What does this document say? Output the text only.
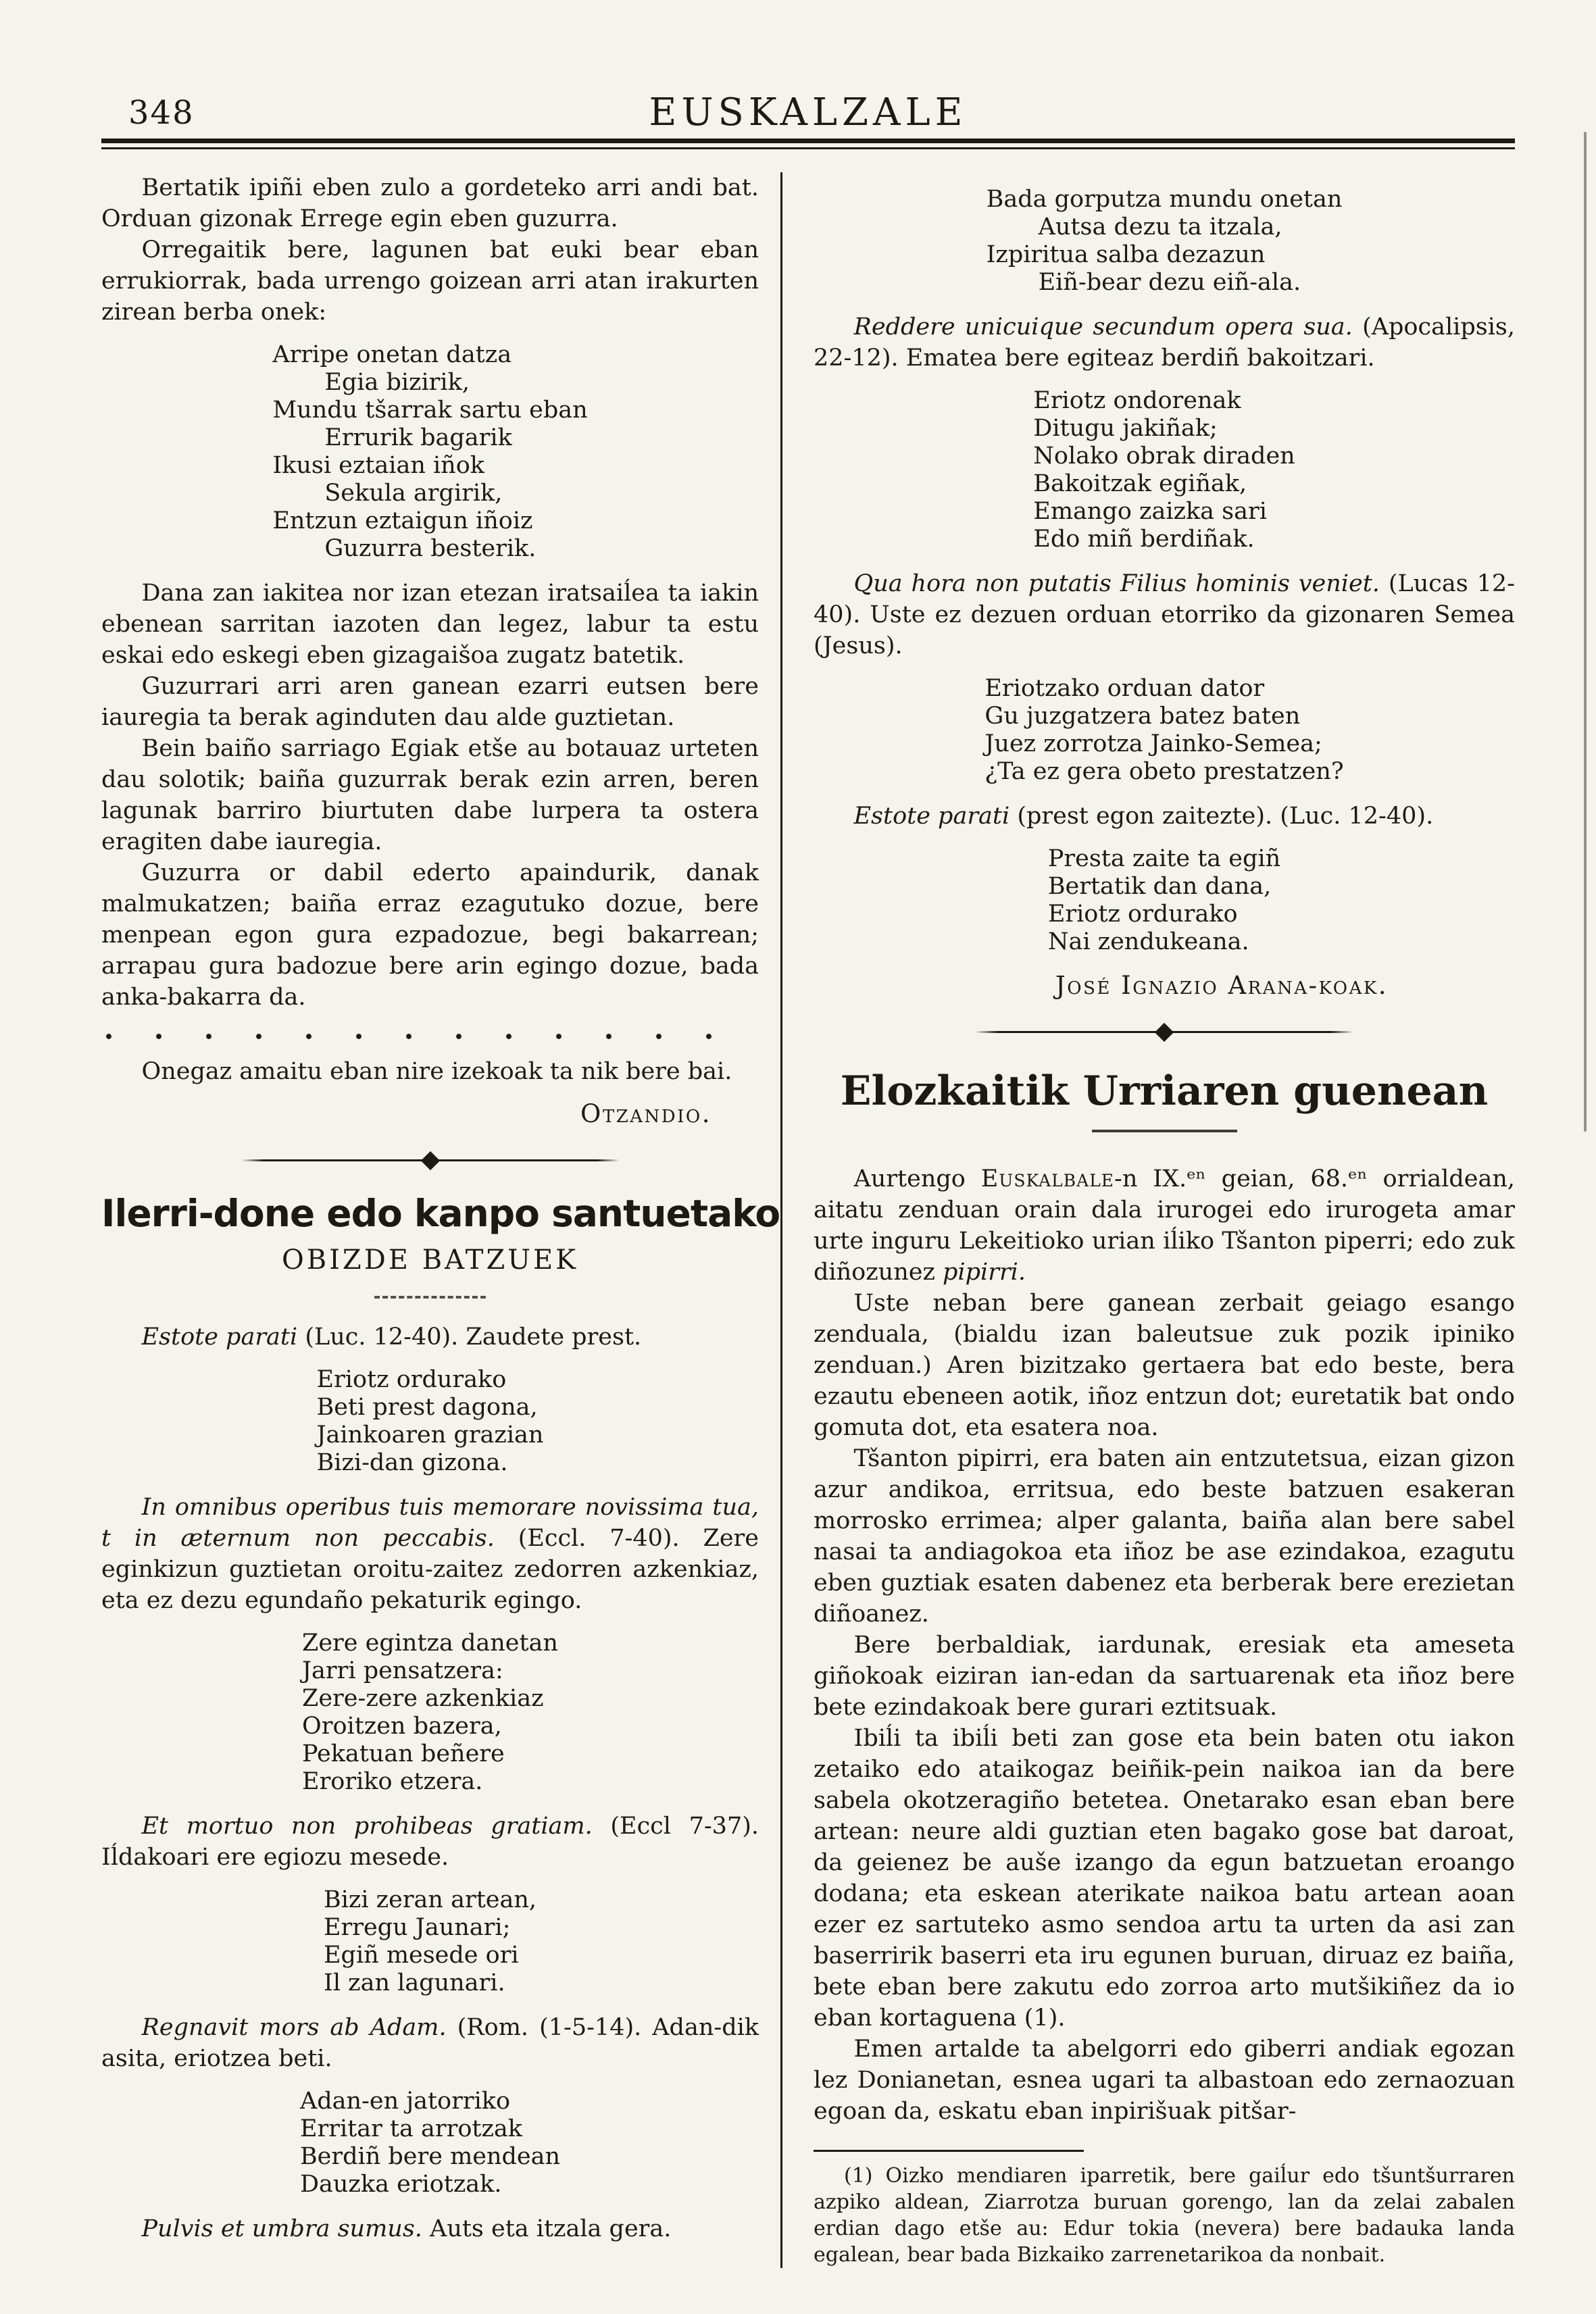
348	EUSKALZALE

Bertatik ipiñi eben zulo a gordeteko arri andi bat. Orduan gizonak Errege egin eben guzurra.

Orregaitik bere, lagunen bat euki bear eban errukiorrak, bada urrengo goizean arri atan irakurten zirean berba onek:

Arripe onetan datza
Egia bizirik,
Mundu tšarrak sartu eban
Errurik bagarik
Ikusi eztaian iñok
Sekula argirik,
Entzun eztaigun iñoiz
Guzurra besterik.

Dana zan iakitea nor izan etezan iratsaiĺea ta iakin ebenean sarritan iazoten dan legez, labur ta estu eskai edo eskegi eben gizagaišoa zugatz batetik.

Guzurrari arri aren ganean ezarri eutsen bere iauregia ta berak aginduten dau alde guztietan.

Bein baiño sarriago Egiak etše au botauaz urteten dau solotik; baiña guzurrak berak ezin arren, beren lagunak barriro biurtuten dabe lurpera ta ostera eragiten dabe iauregia.

Guzurra or dabil ederto apaindurik, danak malmukatzen; baiña erraz ezagutuko dozue, bere menpean egon gura ezpadozue, begi bakarrean; arrapau gura badozue bere arin egingo dozue, bada anka-bakarra da.

Onegaz amaitu eban nire izekoak ta nik bere bai.

Otzandio.
Ilerri-done edo kanpo santuetako
OBIZDE BATZUEK

Estote parati (Luc. 12-40). Zaudete prest.

Eriotz ordurako
Beti prest dagona,
Jainkoaren grazian
Bizi-dan gizona.

In omnibus operibus tuis memorare novissima tua, t in æternum non peccabis. (Eccl. 7-40). Zere eginkizun guztietan oroitu-zaitez zedorren azkenkiaz, eta ez dezu egundaño pekaturik egingo.

Zere egintza danetan
Jarri pensatzera:
Zere-zere azkenkiaz
Oroitzen bazera,
Pekatuan beñere
Eroriko etzera.

Et mortuo non prohibeas gratiam. (Eccl 7-37). Iĺdakoari ere egiozu mesede.

Bizi zeran artean,
Erregu Jaunari;
Egiñ mesede ori
Il zan lagunari.

Regnavit mors ab Adam. (Rom. (1-5-14). Adan-dik asita, eriotzea beti.

Adan-en jatorriko
Erritar ta arrotzak
Berdiñ bere mendean
Dauzka eriotzak.

Pulvis et umbra sumus. Auts eta itzala gera.

Bada gorputza mundu onetan
Autsa dezu ta itzala,
Izpiritua salba dezazun
Eiñ-bear dezu eiñ-ala.

Reddere unicuique secundum opera sua. (Apocalipsis, 22-12). Ematea bere egiteaz berdiñ bakoitzari.

Eriotz ondorenak
Ditugu jakiñak;
Nolako obrak diraden
Bakoitzak egiñak,
Emango zaizka sari
Edo miñ berdiñak.

Qua hora non putatis Filius hominis veniet. (Lucas 12-40). Uste ez dezuen orduan etorriko da gizonaren Semea (Jesus).

Eriotzako orduan dator
Gu juzgatzera batez baten
Juez zorrotza Jainko-Semea;
¿Ta ez gera obeto prestatzen?

Estote parati (prest egon zaitezte). (Luc. 12-40).

Presta zaite ta egiñ
Bertatik dan dana,
Eriotz ordurako
Nai zendukeana.
José Ignazio Arana-koak.
Elozkaitik Urriaren guenean

Aurtengo Euskalbale-n IX.ᵉⁿ geian, 68.ᵉⁿ orrialdean, aitatu zenduan orain dala irurogei edo irurogeta amar urte inguru Lekeitioko urian iĺiko Tšanton piperri; edo zuk diñozunez pipirri.

Uste neban bere ganean zerbait geiago esango zenduala, (bialdu izan baleutsue zuk pozik ipiniko zenduan.) Aren bizitzako gertaera bat edo beste, bera ezautu ebeneen aotik, iñoz entzun dot; euretatik bat ondo gomuta dot, eta esatera noa.

Tšanton pipirri, era baten ain entzutetsua, eizan gizon azur andikoa, erritsua, edo beste batzuen esakeran morrosko errimea; alper galanta, baiña alan bere sabel nasai ta andiagokoa eta iñoz be ase ezindakoa, ezagutu eben guztiak esaten dabenez eta berberak bere erezietan diñoanez.

Bere berbaldiak, iardunak, eresiak eta ameseta giñokoak eiziran ian-edan da sartuarenak eta iñoz bere bete ezindakoak bere gurari eztitsuak.

Ibiĺi ta ibiĺi beti zan gose eta bein baten otu iakon zetaiko edo ataikogaz beiñik-pein naikoa ian da bere sabela okotzeragiño betetea. Onetarako esan eban bere artean: neure aldi guztian eten bagako gose bat daroat, da geienez be auše izango da egun batzuetan eroango dodana; eta eskean aterikate naikoa batu artean aoan ezer ez sartuteko asmo sendoa artu ta urten da asi zan baserririk baserri eta iru egunen buruan, diruaz ez baiña, bete eban bere zakutu edo zorroa arto mutšikiñez da io eban kortaguena (1).

Emen artalde ta abelgorri edo giberri andiak egozan lez Donianetan, esnea ugari ta albastoan edo zernaozuan egoan da, eskatu eban inpirišuak pitšar-

(1) Oizko mendiaren iparretik, bere gaiĺur edo tšuntšurraren azpiko aldean, Ziarrotza buruan gorengo, lan da zelai zabalen erdian dago etše au: Edur tokia (nevera) bere badauka landa egalean, bear bada Bizkaiko zarrenetarikoa da nonbait.
